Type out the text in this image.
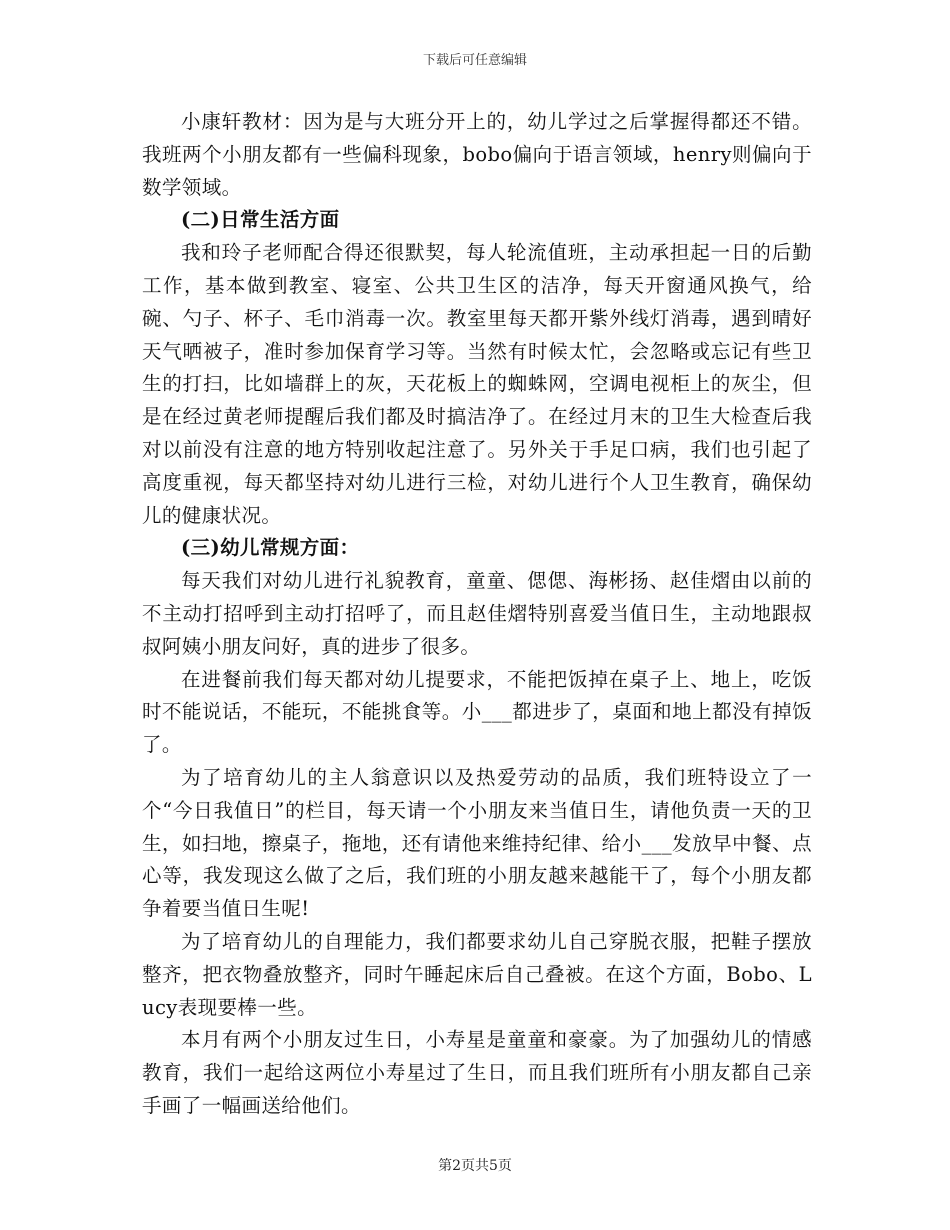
下载后可任意编辑

小康轩教材：因为是与大班分开上的，幼儿学过之后掌握得都还不错。我班两个小朋友都有一些偏科现象，bobo偏向于语言领域，henry则偏向于数学领域。

(二)日常生活方面

我和玲子老师配合得还很默契，每人轮流值班，主动承担起一日的后勤工作，基本做到教室、寝室、公共卫生区的洁净，每天开窗通风换气，给碗、勺子、杯子、毛巾消毒一次。教室里每天都开紫外线灯消毒，遇到晴好天气晒被子，准时参加保育学习等。当然有时候太忙，会忽略或忘记有些卫生的打扫，比如墙群上的灰，天花板上的蜘蛛网，空调电视柜上的灰尘，但是在经过黄老师提醒后我们都及时搞洁净了。在经过月末的卫生大检查后我对以前没有注意的地方特别收起注意了。另外关于手足口病，我们也引起了高度重视，每天都坚持对幼儿进行三检，对幼儿进行个人卫生教育，确保幼儿的健康状况。

(三)幼儿常规方面：

每天我们对幼儿进行礼貌教育，童童、偲偲、海彬扬、赵佳熠由以前的不主动打招呼到主动打招呼了，而且赵佳熠特别喜爱当值日生，主动地跟叔叔阿姨小朋友问好，真的进步了很多。

在进餐前我们每天都对幼儿提要求，不能把饭掉在桌子上、地上，吃饭时不能说话，不能玩，不能挑食等。小___都进步了，桌面和地上都没有掉饭了。

为了培育幼儿的主人翁意识以及热爱劳动的品质，我们班特设立了一个“今日我值日”的栏目，每天请一个小朋友来当值日生，请他负责一天的卫生，如扫地，擦桌子，拖地，还有请他来维持纪律、给小___发放早中餐、点心等，我发现这么做了之后，我们班的小朋友越来越能干了，每个小朋友都争着要当值日生呢!

为了培育幼儿的自理能力，我们都要求幼儿自己穿脱衣服，把鞋子摆放整齐，把衣物叠放整齐，同时午睡起床后自己叠被。在这个方面，Bobo、Lucy表现要棒一些。

本月有两个小朋友过生日，小寿星是童童和豪豪。为了加强幼儿的情感教育，我们一起给这两位小寿星过了生日，而且我们班所有小朋友都自己亲手画了一幅画送给他们。

第2页共5页
